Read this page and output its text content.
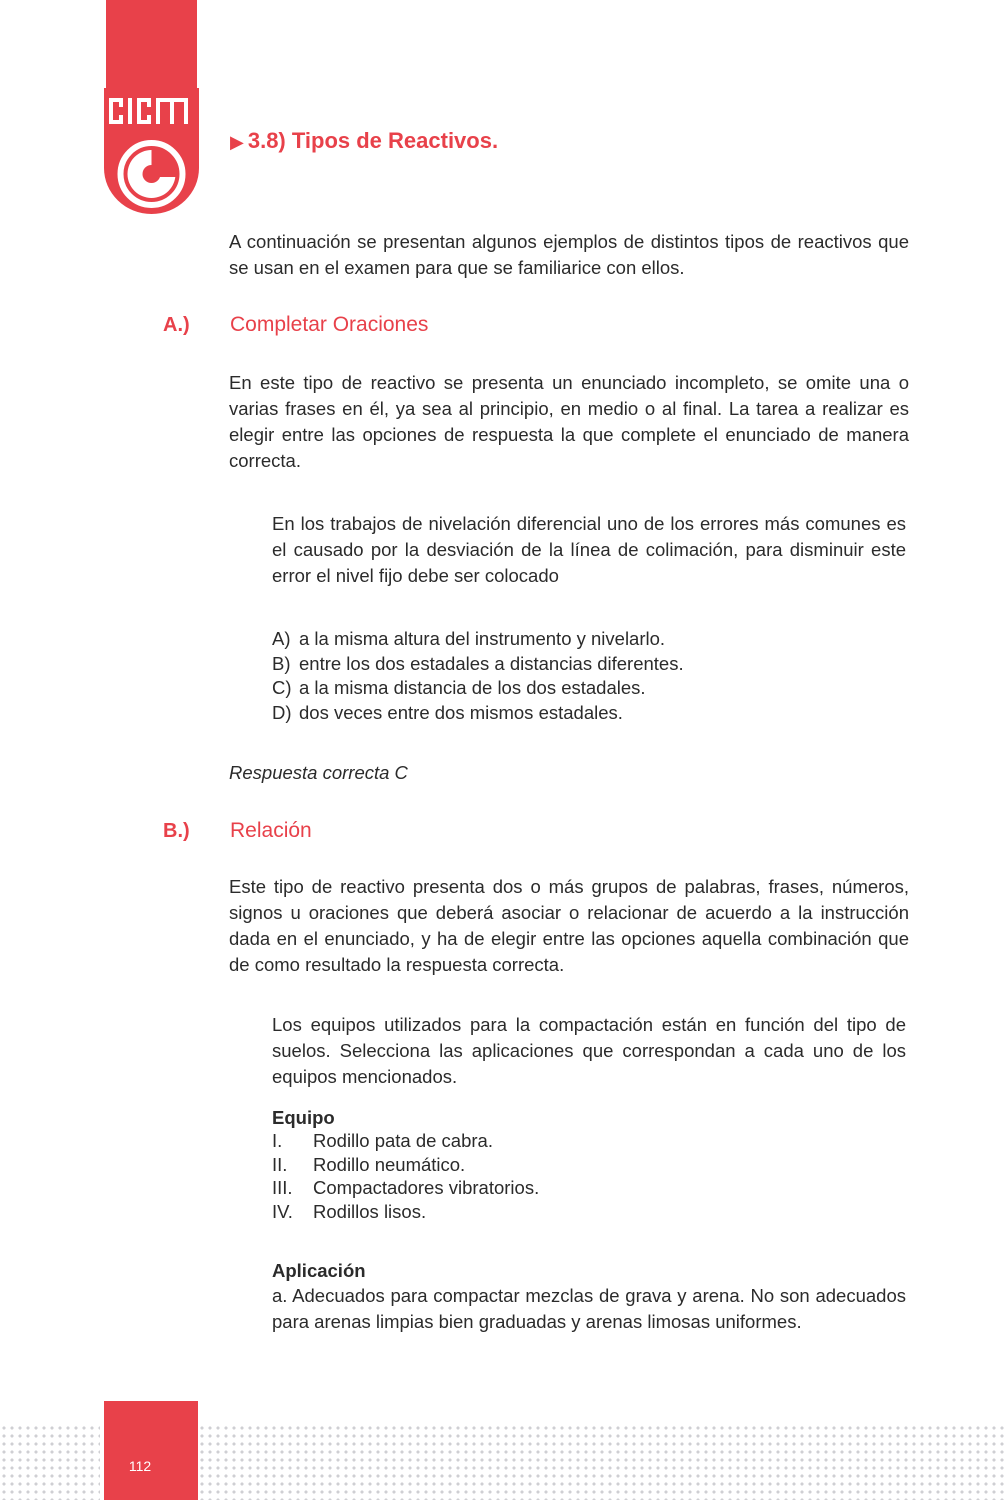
▶ 3.8) Tipos de Reactivos.

A continuación se presentan algunos ejemplos de distintos tipos de reactivos que se usan en el examen para que se familiarice con ellos.

A.) Completar Oraciones

En este tipo de reactivo se presenta un enunciado incompleto, se omite una o varias frases en él, ya sea al principio, en medio o al final. La tarea a realizar es elegir entre las opciones de respuesta la que complete el enunciado de manera correcta.

En los trabajos de nivelación diferencial uno de los errores más comunes es el causado por la desviación de la línea de colimación, para disminuir este error el nivel fijo debe ser colocado

A) a la misma altura del instrumento y nivelarlo.
B) entre los dos estadales a distancias diferentes.
C) a la misma distancia de los dos estadales.
D) dos veces entre dos mismos estadales.
Respuesta correcta C
B.) Relación

Este tipo de reactivo presenta dos o más grupos de palabras, frases, números, signos u oraciones que deberá asociar o relacionar de acuerdo a la instrucción dada en el enunciado, y ha de elegir entre las opciones aquella combinación que de como resultado la respuesta correcta.

Los equipos utilizados para la compactación están en función del tipo de suelos. Selecciona las aplicaciones que correspondan a cada uno de los equipos mencionados.

Equipo
I. Rodillo pata de cabra.
II. Rodillo neumático.
III. Compactadores vibratorios.
IV. Rodillos lisos.
Aplicación

a. Adecuados para compactar mezclas de grava y arena. No son adecuados para arenas limpias bien graduadas y arenas limosas uniformes.

112
